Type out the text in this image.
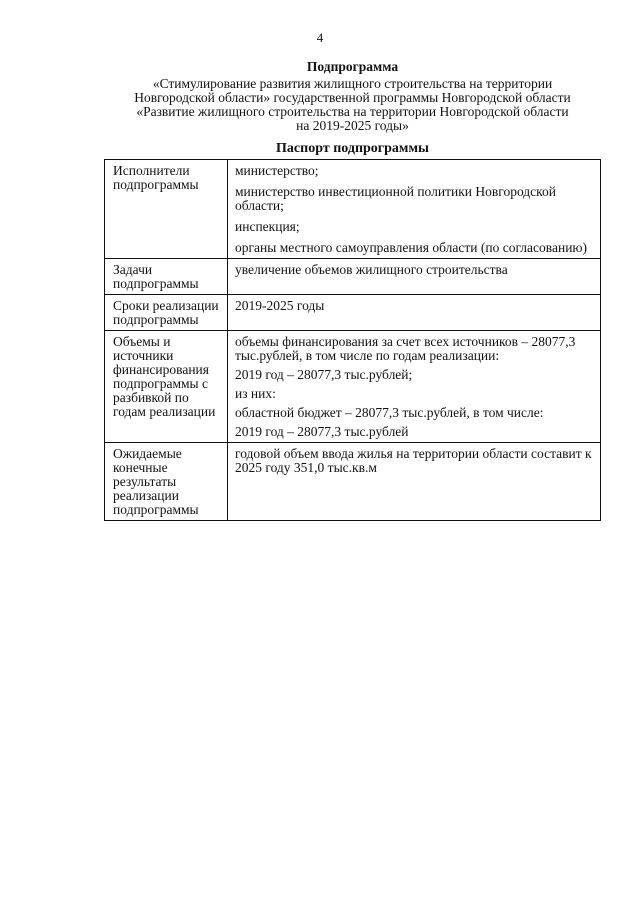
4
Подпрограмма
«Стимулирование развития жилищного строительства на территории
Новгородской области» государственной программы Новгородской области
«Развитие жилищного строительства на территории Новгородской области
на 2019-2025 годы»
Паспорт подпрограммы
Исполнители подпрограммы	министерство;
министерство инвестиционной политики Новгородской области;
инспекция;
органы местного самоуправления области (по согласованию)

Задачи подпрограммы	увеличение объемов жилищного строительства

Сроки реализации подпрограммы	2019-2025 годы

Объемы и источники финансирования подпрограммы с разбивкой по годам реализации	объемы финансирования за счет всех источников – 28077,3 тыс.рублей, в том числе по годам реализации:
2019 год – 28077,3 тыс.рублей;
из них:
областной бюджет – 28077,3 тыс.рублей, в том числе:
2019 год – 28077,3 тыс.рублей

Ожидаемые конечные результаты реализации подпрограммы	годовой объем ввода жилья на территории области составит к 2025 году 351,0 тыс.кв.м
